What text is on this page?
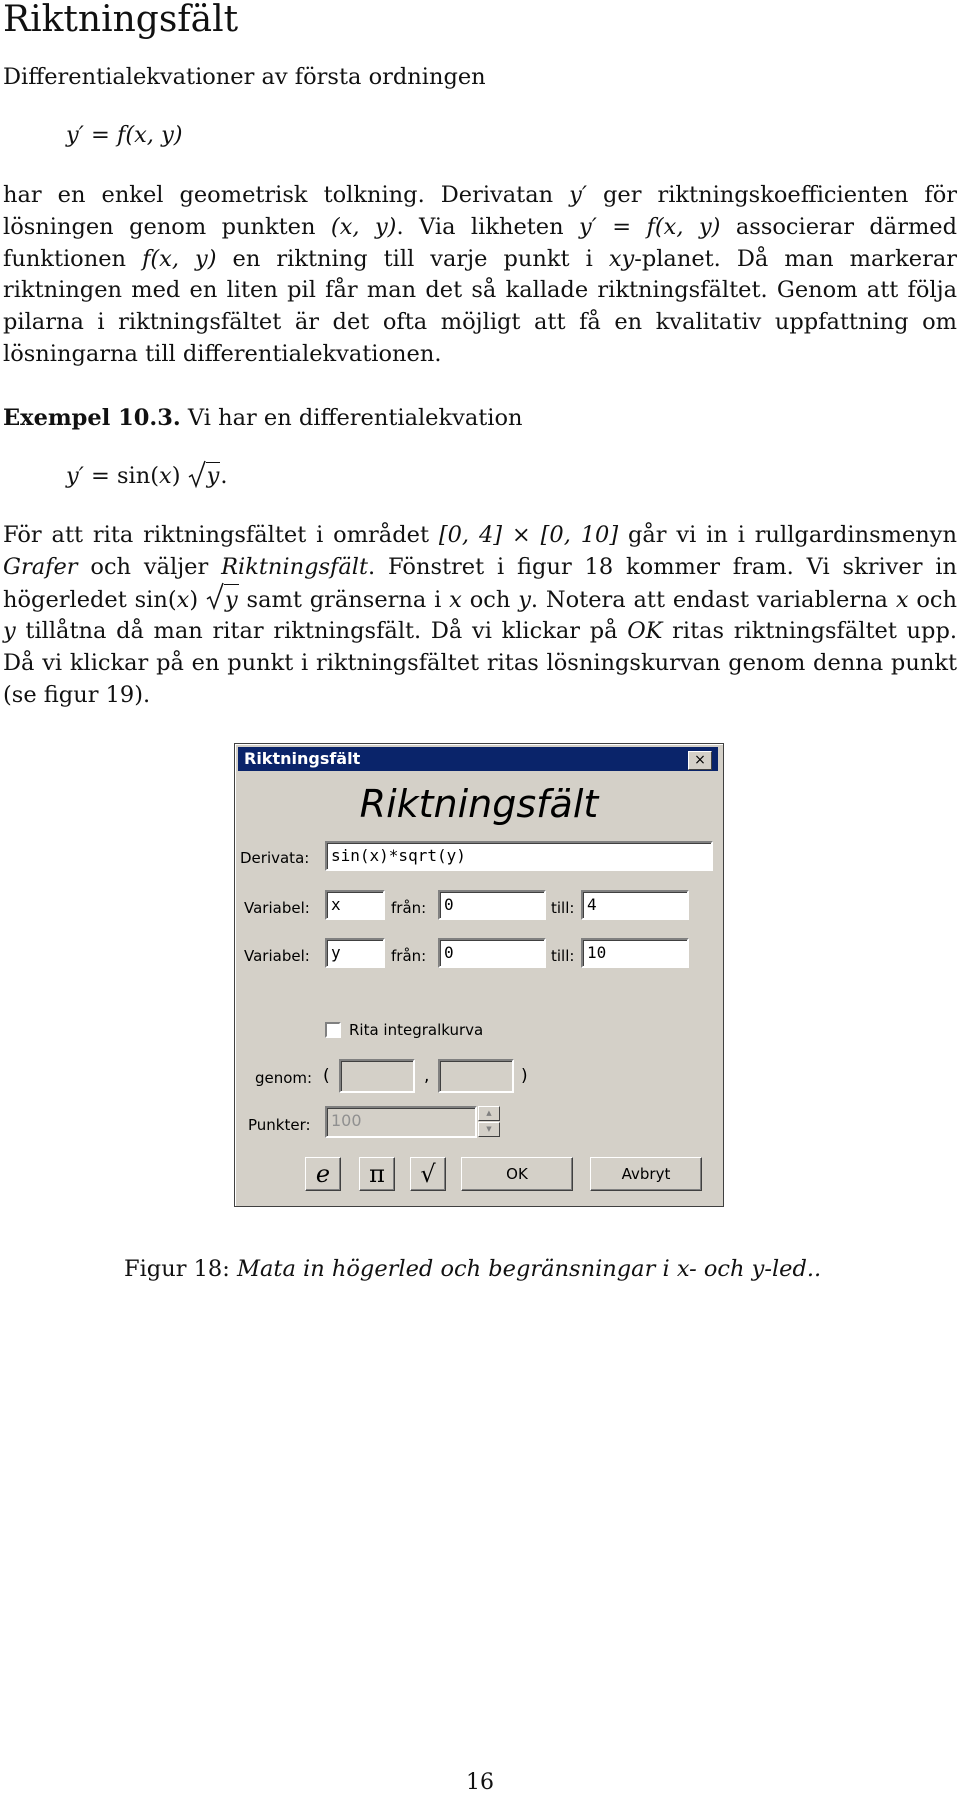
Riktningsfält

Differentialekvationer av första ordningen

y′ = f(x, y)

har en enkel geometrisk tolkning. Derivatan y′ ger riktningskoefficienten för lösningen genom punkten (x, y). Via likheten y′ = f(x, y) associerar därmed funktionen f(x, y) en riktning till varje punkt i xy-planet. Då man markerar riktningen med en liten pil får man det så kallade riktningsfältet. Genom att följa pilarna i riktningsfältet är det ofta möjligt att få en kvalitativ uppfattning om lösningarna till differentialekvationen.

Exempel 10.3. Vi har en differentialekvation

y′ = sin(x) y.

För att rita riktningsfältet i området [0, 4] × [0, 10] går vi in i rullgardinsmenyn Grafer och väljer Riktningsfält. Fönstret i figur 18 kommer fram. Vi skriver in högerledet sin(x) y samt gränserna i x och y. Notera att endast variablerna x och y tillåtna då man ritar riktningsfält. Då vi klickar på OK ritas riktningsfältet upp. Då vi klickar på en punkt i riktningsfältet ritas lösningskurvan genom denna punkt (se figur 19).

Riktningsfält	×
Riktningsfält
Derivata:	sin(x)*sqrt(y)
Variabel:	x	från:	0	till: 4
Variabel:	y	från:	0	till: 10
Rita integralkurva
genom: (	,	)
Punkter:	100	▲
▼
e	π	√	OK	Avbryt

Figur 18: Mata in högerled och begränsningar i x- och y-led..

16
